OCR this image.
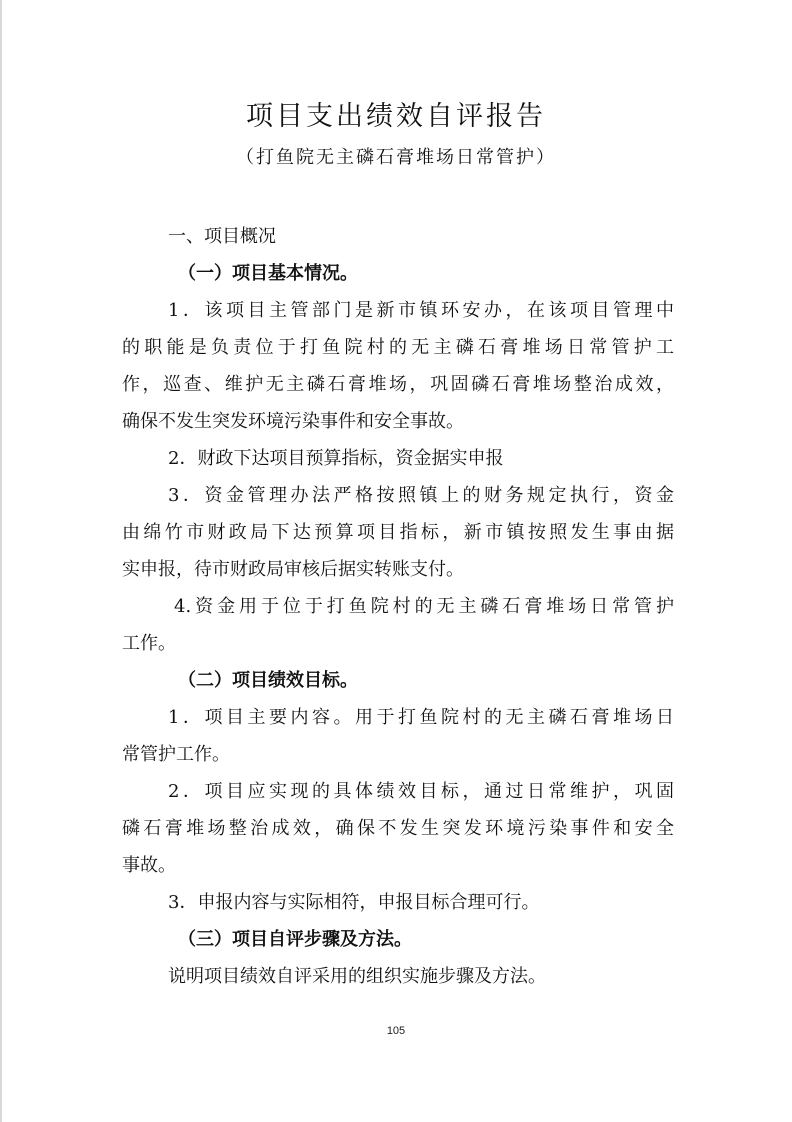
项目支出绩效自评报告
（打鱼院无主磷石膏堆场日常管护）
一、项目概况
（一）项目基本情况。
1．该项目主管部门是新市镇环安办，在该项目管理中
的职能是负责位于打鱼院村的无主磷石膏堆场日常管护工
作，巡查、维护无主磷石膏堆场，巩固磷石膏堆场整治成效，
确保不发生突发环境污染事件和安全事故。
2．财政下达项目预算指标，资金据实申报
3．资金管理办法严格按照镇上的财务规定执行，资金
由绵竹市财政局下达预算项目指标，新市镇按照发生事由据
实申报，待市财政局审核后据实转账支付。
4.资金用于位于打鱼院村的无主磷石膏堆场日常管护
工作。
（二）项目绩效目标。
1．项目主要内容。用于打鱼院村的无主磷石膏堆场日
常管护工作。
2．项目应实现的具体绩效目标，通过日常维护，巩固
磷石膏堆场整治成效，确保不发生突发环境污染事件和安全
事故。
3．申报内容与实际相符，申报目标合理可行。
（三）项目自评步骤及方法。
说明项目绩效自评采用的组织实施步骤及方法。
105
